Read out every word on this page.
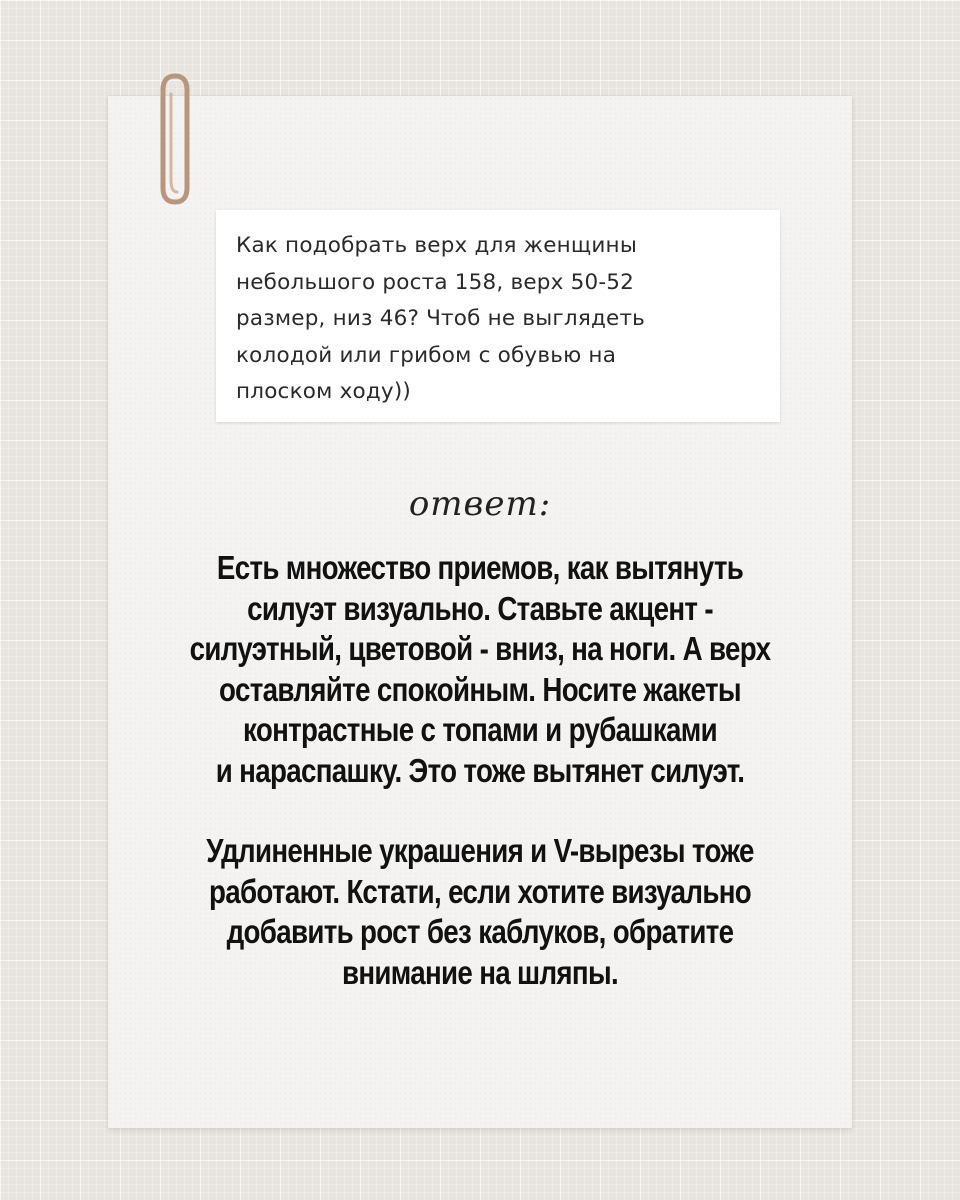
Как подобрать верх для женщины
небольшого роста 158, верх 50-52
размер, низ 46? Чтоб не выглядеть
колодой или грибом с обувью на
плоском ходу))

ответ:

Есть множество приемов, как вытянуть
силуэт визуально. Ставьте акцент -
силуэтный, цветовой - вниз, на ноги. А верх
оставляйте спокойным. Носите жакеты
контрастные с топами и рубашками
и нараспашку. Это тоже вытянет силуэт.

Удлиненные украшения и V-вырезы тоже
работают. Кстати, если хотите визуально
добавить рост без каблуков, обратите
внимание на шляпы.
